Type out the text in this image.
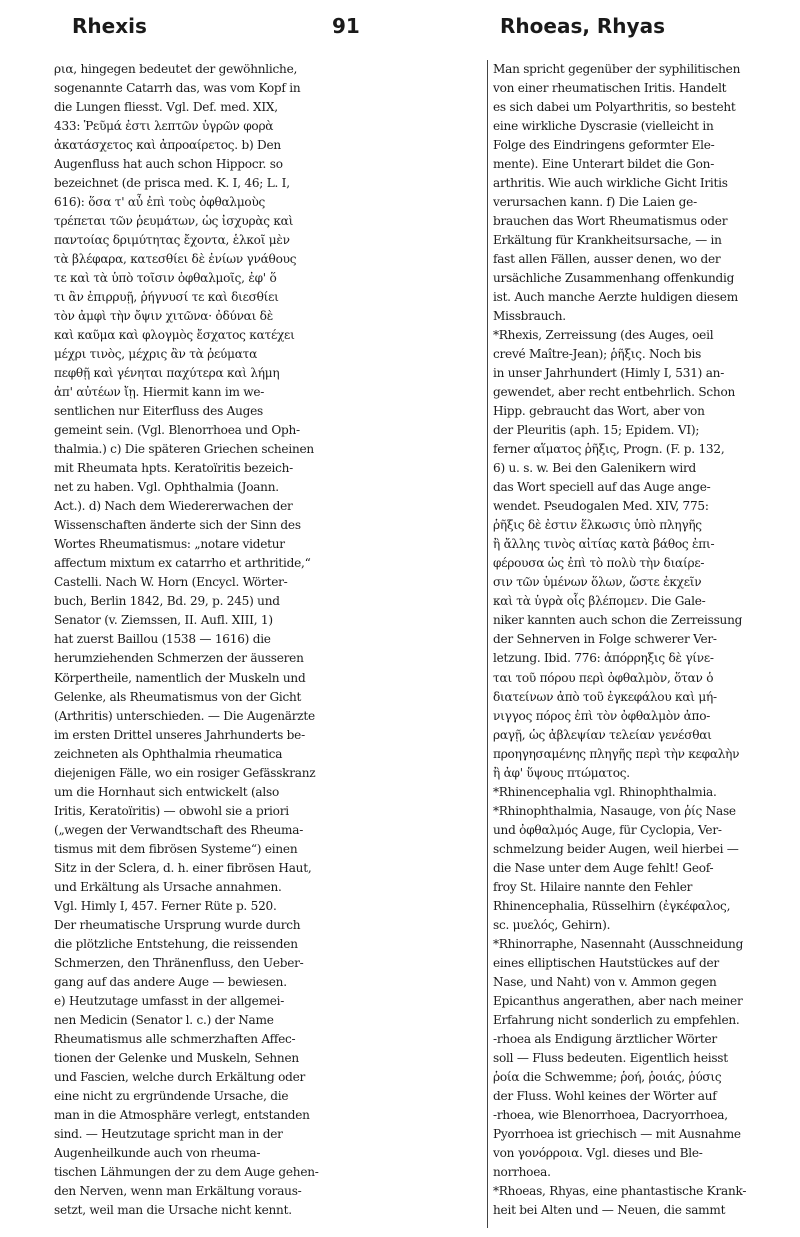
Rhexis	91	Rhoeas, Rhyas
ρια, hingegen bedeutet der gewöhnliche,
sogenannte Catarrh das, was vom Kopf in
die Lungen fliesst. Vgl. Def. med. XIX,
433: Ῥεῦμά ἐστι λεπτῶν ὑγρῶν φορὰ
ἀκατάσχετος καὶ ἀπροαίρετος. b) Den
Augenfluss hat auch schon Hippocr. so
bezeichnet (de prisca med. K. I, 46; L. I,
616): ὅσα τ' αὖ ἐπὶ τοὺς ὀφθαλμοὺς
τρέπεται τῶν ῥευμάτων, ὡς ἰσχυρὰς καὶ
παντοίας δριμύτητας ἔχοντα, ἑλκοῖ μὲν
τὰ βλέφαρα, κατεσθίει δὲ ἐνίων γνάθους
τε καὶ τὰ ὑπὸ τοῖσιν ὀφθαλμοῖς, ἐφ' ὅ
τι ἂν ἐπιρρυῇ, ῥήγνυσί τε καὶ διεσθίει
τὸν ἀμφὶ τὴν ὄψιν χιτῶνα· ὀδύναι δὲ
καὶ καῦμα καὶ φλογμὸς ἔσχατος κατέχει
μέχρι τινὸς, μέχρις ἂν τὰ ῥεύματα
πεφθῇ καὶ γένηται παχύτερα καὶ λήμη
ἀπ' αὐτέων ἴῃ. Hiermit kann im we-
sentlichen nur Eiterfluss des Auges
gemeint sein. (Vgl. Blenorrhoea und Oph-
thalmia.) c) Die späteren Griechen scheinen
mit Rheumata hpts. Keratoïritis bezeich-
net zu haben. Vgl. Ophthalmia (Joann.
Act.). d) Nach dem Wiedererwachen der
Wissenschaften änderte sich der Sinn des
Wortes Rheumatismus: „notare videtur
affectum mixtum ex catarrho et arthritide,“
Castelli. Nach W. Horn (Encycl. Wörter-
buch, Berlin 1842, Bd. 29, p. 245) und
Senator (v. Ziemssen, II. Aufl. XIII, 1)
hat zuerst Baillou (1538 — 1616) die
herumziehenden Schmerzen der äusseren
Körpertheile, namentlich der Muskeln und
Gelenke, als Rheumatismus von der Gicht
(Arthritis) unterschieden. — Die Augenärzte
im ersten Drittel unseres Jahrhunderts be-
zeichneten als Ophthalmia rheumatica
diejenigen Fälle, wo ein rosiger Gefässkranz
um die Hornhaut sich entwickelt (also
Iritis, Keratoïritis) — obwohl sie a priori
(„wegen der Verwandtschaft des Rheuma-
tismus mit dem fibrösen Systeme“) einen
Sitz in der Sclera, d. h. einer fibrösen Haut,
und Erkältung als Ursache annahmen.
Vgl. Himly I, 457. Ferner Rüte p. 520.
Der rheumatische Ursprung wurde durch
die plötzliche Entstehung, die reissenden
Schmerzen, den Thränenfluss, den Ueber-
gang auf das andere Auge — bewiesen.
e) Heutzutage umfasst in der allgemei-
nen Medicin (Senator l. c.) der Name
Rheumatismus alle schmerzhaften Affec-
tionen der Gelenke und Muskeln, Sehnen
und Fascien, welche durch Erkältung oder
eine nicht zu ergründende Ursache, die
man in die Atmosphäre verlegt, entstanden
sind. — Heutzutage spricht man in der
Augenheilkunde auch von rheuma-
tischen Lähmungen der zu dem Auge gehen-
den Nerven, wenn man Erkältung voraus-
setzt, weil man die Ursache nicht kennt.
Man spricht gegenüber der syphilitischen
von einer rheumatischen Iritis. Handelt
es sich dabei um Polyarthritis, so besteht
eine wirkliche Dyscrasie (vielleicht in
Folge des Eindringens geformter Ele-
mente). Eine Unterart bildet die Gon-
arthritis. Wie auch wirkliche Gicht Iritis
verursachen kann. f) Die Laien ge-
brauchen das Wort Rheumatismus oder
Erkältung für Krankheitsursache, — in
fast allen Fällen, ausser denen, wo der
ursächliche Zusammenhang offenkundig
ist. Auch manche Aerzte huldigen diesem
Missbrauch.
*Rhexis, Zerreissung (des Auges, oeil
crevé Maître-Jean); ῥῆξις. Noch bis
in unser Jahrhundert (Himly I, 531) an-
gewendet, aber recht entbehrlich. Schon
Hipp. gebraucht das Wort, aber von
der Pleuritis (aph. 15; Epidem. VI);
ferner αἵματος ῥῆξις, Progn. (F. p. 132,
6) u. s. w. Bei den Galenikern wird
das Wort speciell auf das Auge ange-
wendet. Pseudogalen Med. XIV, 775:
ῥῆξις δὲ ἐστιν ἕλκωσις ὑπὸ πληγῆς
ἢ ἄλλης τινὸς αἰτίας κατὰ βάθος ἐπι-
φέρουσα ὡς ἐπὶ τὸ πολὺ τὴν διαίρε-
σιν τῶν ὑμένων ὅλων, ὥστε ἐκχεῖν
καὶ τὰ ὑγρὰ οἷς βλέπομεν. Die Gale-
niker kannten auch schon die Zerreissung
der Sehnerven in Folge schwerer Ver-
letzung. Ibid. 776: ἀπόρρηξις δὲ γίνε-
ται τοῦ πόρου περὶ ὀφθαλμὸν, ὅταν ὁ
διατείνων ἀπὸ τοῦ ἐγκεφάλου καὶ μή-
νιγγος πόρος ἐπὶ τὸν ὀφθαλμὸν ἀπο-
ραγῇ, ὡς ἀβλεψίαν τελείαν γενέσθαι
προηγησαμένης πληγῆς περὶ τὴν κεφαλὴν
ἢ ἀφ' ὕψους πτώματος.
*Rhinencephalia vgl. Rhinophthalmia.
*Rhinophthalmia, Nasauge, von ῥίς Nase
und ὀφθαλμός Auge, für Cyclopia, Ver-
schmelzung beider Augen, weil hierbei —
die Nase unter dem Auge fehlt! Geof-
froy St. Hilaire nannte den Fehler
Rhinencephalia, Rüsselhirn (ἐγκέφαλος,
sc. μυελός, Gehirn).
*Rhinorraphe, Nasennaht (Ausschneidung
eines elliptischen Hautstückes auf der
Nase, und Naht) von v. Ammon gegen
Epicanthus angerathen, aber nach meiner
Erfahrung nicht sonderlich zu empfehlen.
-rhoea als Endigung ärztlicher Wörter
soll — Fluss bedeuten. Eigentlich heisst
ῥοία die Schwemme; ῥοή, ῥοιάς, ῥύσις
der Fluss. Wohl keines der Wörter auf
-rhoea, wie Blenorrhoea, Dacryorrhoea,
Pyorrhoea ist griechisch — mit Ausnahme
von γονόρροια. Vgl. dieses und Ble-
norrhoea.
*Rhoeas, Rhyas, eine phantastische Krank-
heit bei Alten und — Neuen, die sammt
